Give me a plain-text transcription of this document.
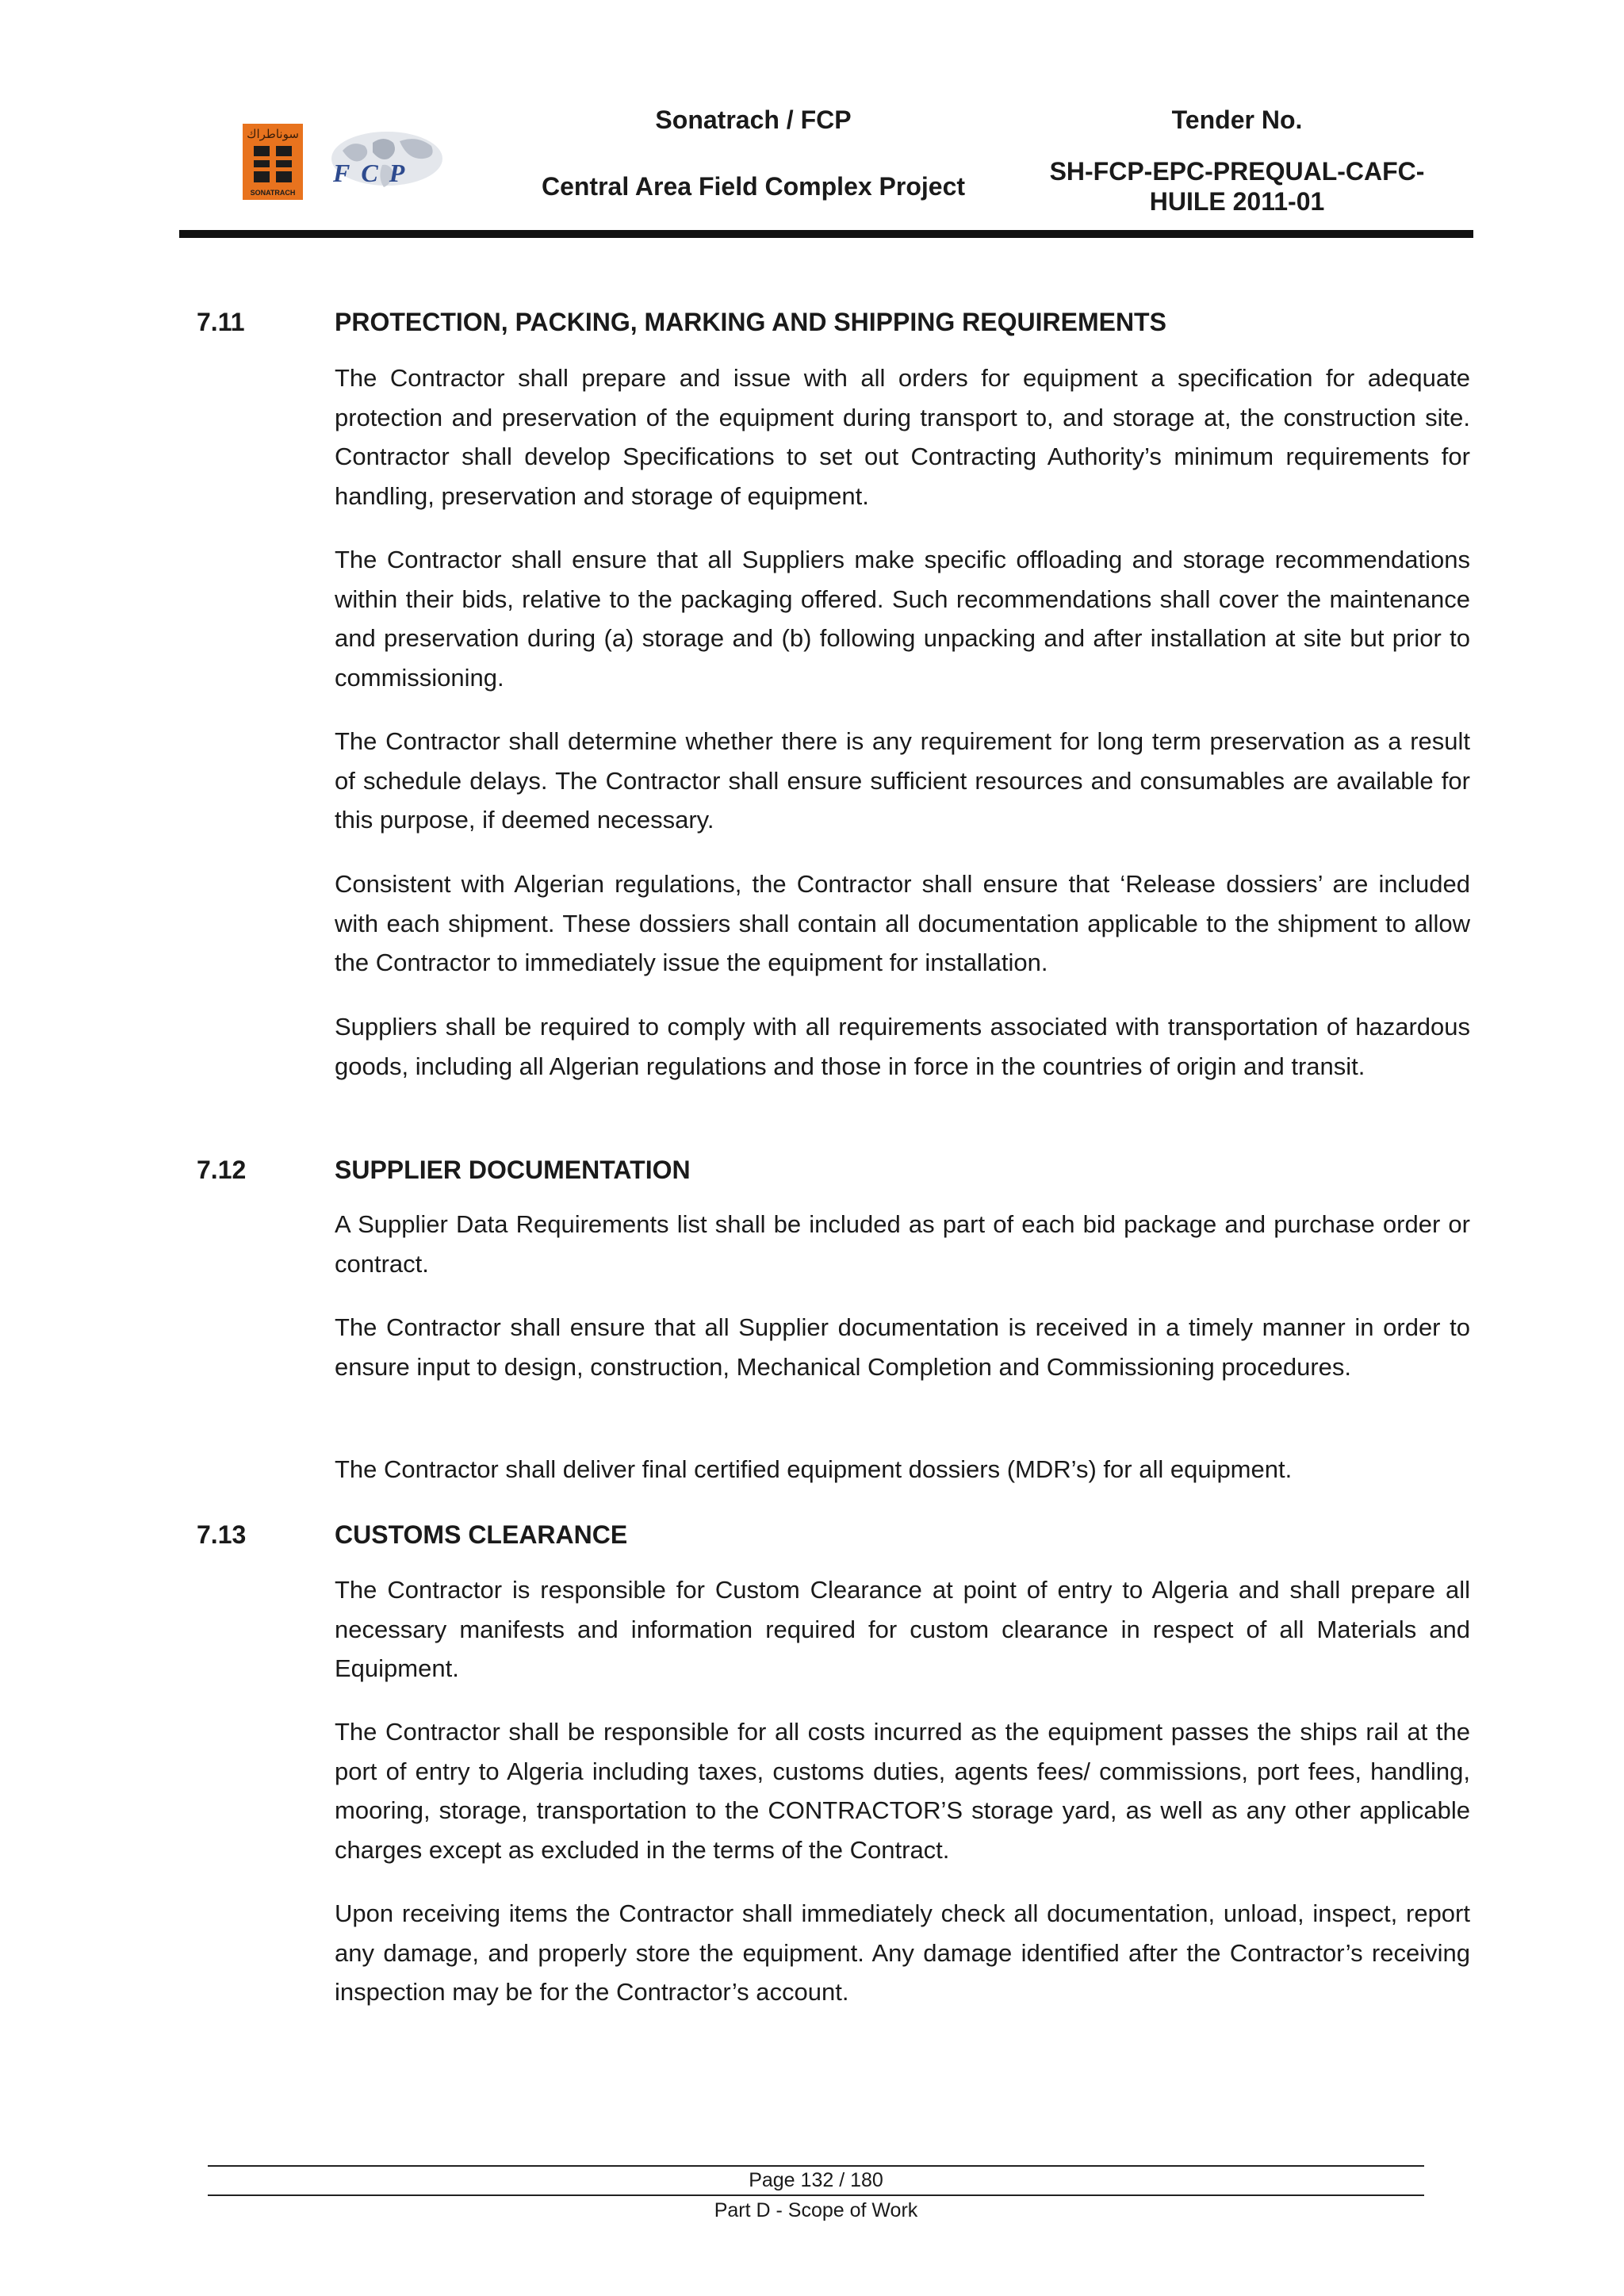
سوناطراك
SONATRACH
FCP
Sonatrach / FCP
Central Area Field Complex Project
Tender No.
SH-FCP-EPC-PREQUAL-CAFC-
HUILE 2011-01
7.11	PROTECTION, PACKING, MARKING AND SHIPPING REQUIREMENTS

The Contractor shall prepare and issue with all orders for equipment a specification for adequate protection and preservation of the equipment during transport to, and storage at, the construction site. Contractor shall develop Specifications to set out Contracting Authority’s minimum requirements for handling, preservation and storage of equipment.

The Contractor shall ensure that all Suppliers make specific offloading and storage recommendations within their bids, relative to the packaging offered. Such recommendations shall cover the maintenance and preservation during (a) storage and (b) following unpacking and after installation at site but prior to commissioning.

The Contractor shall determine whether there is any requirement for long term preservation as a result of schedule delays. The Contractor shall ensure sufficient resources and consumables are available for this purpose, if deemed necessary.

Consistent with Algerian regulations, the Contractor shall ensure that ‘Release dossiers’ are included with each shipment. These dossiers shall contain all documentation applicable to the shipment to allow the Contractor to immediately issue the equipment for installation.

Suppliers shall be required to comply with all requirements associated with transportation of hazardous goods, including all Algerian regulations and those in force in the countries of origin and transit.

7.12	SUPPLIER DOCUMENTATION

A Supplier Data Requirements list shall be included as part of each bid package and purchase order or contract.

The Contractor shall ensure that all Supplier documentation is received in a timely manner in order to ensure input to design, construction, Mechanical Completion and Commissioning procedures.

The Contractor shall deliver final certified equipment dossiers (MDR’s) for all equipment.

7.13	CUSTOMS CLEARANCE

The Contractor is responsible for Custom Clearance at point of entry to Algeria and shall prepare all necessary manifests and information required for custom clearance in respect of all Materials and Equipment.

The Contractor shall be responsible for all costs incurred as the equipment passes the ships rail at the port of entry to Algeria including taxes, customs duties, agents fees/ commissions, port fees, handling, mooring, storage, transportation to the CONTRACTOR’S storage yard, as well as any other applicable charges except as excluded in the terms of the Contract.

Upon receiving items the Contractor shall immediately check all documentation, unload, inspect, report any damage, and properly store the equipment. Any damage identified after the Contractor’s receiving inspection may be for the Contractor’s account.

Page 132 / 180
Part D - Scope of Work
